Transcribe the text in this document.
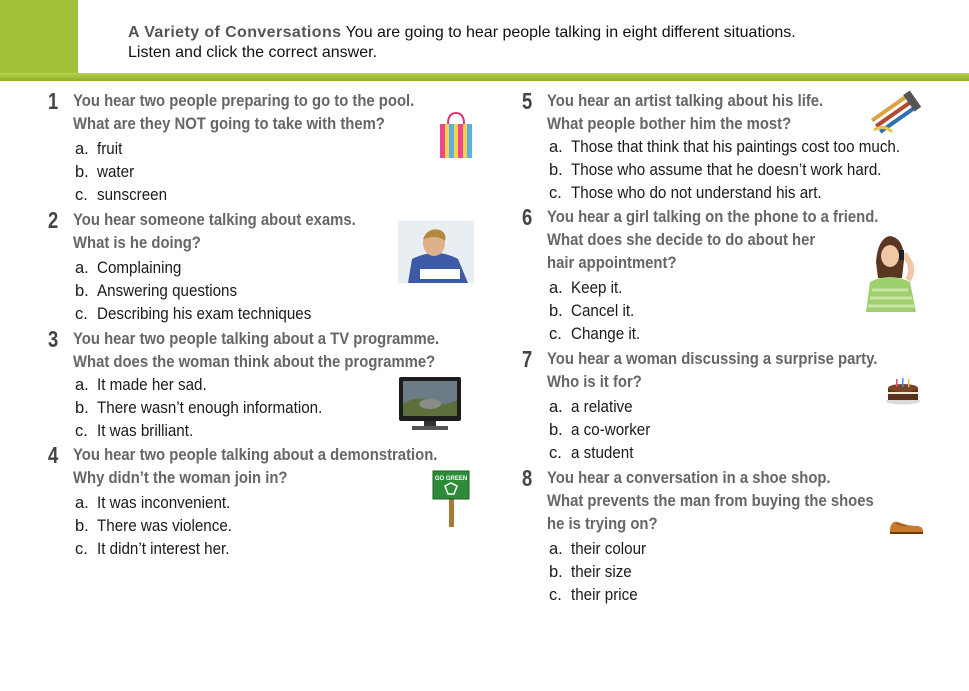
A Variety of Conversations You are going to hear people talking in eight different situations.
Listen and click the correct answer.
1 You hear two people preparing to go to the pool.
What are they NOT going to take with them?
a. fruit
b. water
c. sunscreen
2 You hear someone talking about exams.
What is he doing?
a. Complaining
b. Answering questions
c. Describing his exam techniques
3 You hear two people talking about a TV programme.
What does the woman think about the programme?
a. It made her sad.
b. There wasn’t enough information.
c. It was brilliant.
4 You hear two people talking about a demonstration.
Why didn’t the woman join in?
a. It was inconvenient.
b. There was violence.
c. It didn’t interest her.
5 You hear an artist talking about his life.
What people bother him the most?
a. Those that think that his paintings cost too much.
b. Those who assume that he doesn’t work hard.
c. Those who do not understand his art.
6 You hear a girl talking on the phone to a friend.
What does she decide to do about her
hair appointment?
a. Keep it.
b. Cancel it.
c. Change it.
7 You hear a woman discussing a surprise party.
Who is it for?
a. a relative
b. a co-worker
c. a student
8 You hear a conversation in a shoe shop.
What prevents the man from buying the shoes
he is trying on?
a. their colour
b. their size
c. their price
GO GREEN
